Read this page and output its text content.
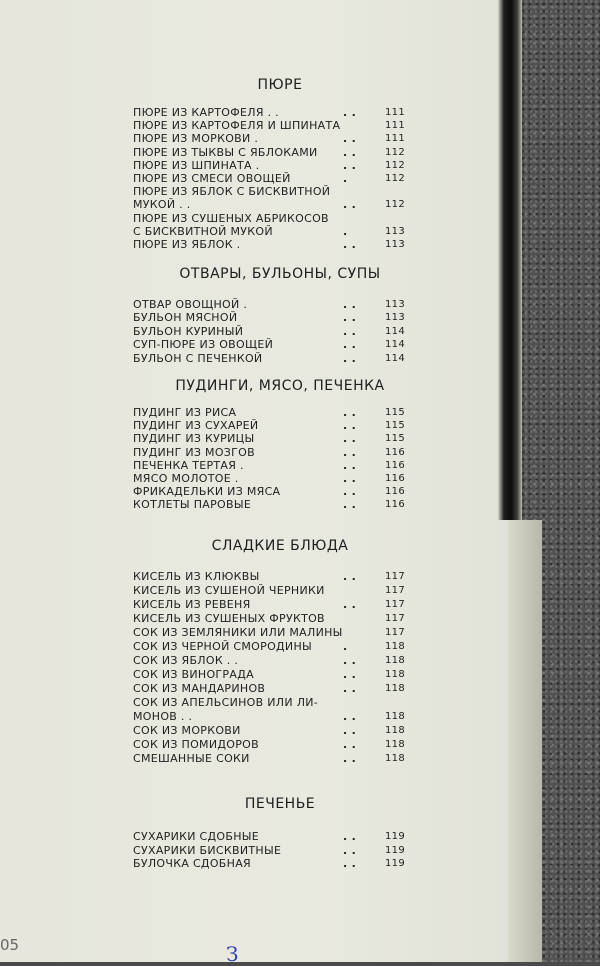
ПЮРЕ
ПЮРЕ ИЗ КАРТОФЕЛЯ . .	. .	111
ПЮРЕ ИЗ КАРТОФЕЛЯ И ШПИНАТА	111
ПЮРЕ ИЗ МОРКОВИ .	. .	111
ПЮРЕ ИЗ ТЫКВЫ С ЯБЛОКАМИ . .	112
ПЮРЕ ИЗ ШПИНАТА .	. .	112
ПЮРЕ ИЗ СМЕСИ ОВОЩЕЙ	.	112
ПЮРЕ ИЗ ЯБЛОК С БИСКВИТНОЙ
МУКОЙ . .	. .	112
ПЮРЕ ИЗ СУШЕНЫХ АБРИКОСОВ
С БИСКВИТНОЙ МУКОЙ	.	113
ПЮРЕ ИЗ ЯБЛОК .	. .	113
ОТВАРЫ, БУЛЬОНЫ, СУПЫ
ОТВАР ОВОЩНОЙ .	. .	113
БУЛЬОН МЯСНОЙ	. .	113
БУЛЬОН КУРИНЫЙ	. .	114
СУП-ПЮРЕ ИЗ ОВОЩЕЙ	. .	114
БУЛЬОН С ПЕЧЕНКОЙ	. .	114
ПУДИНГИ, МЯСО, ПЕЧЕНКА
ПУДИНГ ИЗ РИСА	. .	115
ПУДИНГ ИЗ СУХАРЕЙ	. .	115
ПУДИНГ ИЗ КУРИЦЫ	. .	115
ПУДИНГ ИЗ МОЗГОВ	. .	116
ПЕЧЕНКА ТЕРТАЯ .	. .	116
МЯСО МОЛОТОЕ .	. .	116
ФРИКАДЕЛЬКИ ИЗ МЯСА	. .	116
КОТЛЕТЫ ПАРОВЫЕ	. .	116
СЛАДКИЕ БЛЮДА
КИСЕЛЬ ИЗ КЛЮКВЫ	. .	117
КИСЕЛЬ ИЗ СУШЕНОЙ ЧЕРНИКИ	117
КИСЕЛЬ ИЗ РЕВЕНЯ	. .	117
КИСЕЛЬ ИЗ СУШЕНЫХ ФРУКТОВ	117
СОК ИЗ ЗЕМЛЯНИКИ ИЛИ МАЛИНЫ	117
СОК ИЗ ЧЕРНОЙ СМОРОДИНЫ	.	118
СОК ИЗ ЯБЛОК . .	. .	118
СОК ИЗ ВИНОГРАДА	. .	118
СОК ИЗ МАНДАРИНОВ	. .	118
СОК ИЗ АПЕЛЬСИНОВ ИЛИ ЛИ-
МОНОВ . .	. .	118
СОК ИЗ МОРКОВИ	. .	118
СОК ИЗ ПОМИДОРОВ	. .	118
СМЕШАННЫЕ СОКИ	. .	118
ПЕЧЕНЬЕ
СУХАРИКИ СДОБНЫЕ	. .	119
СУХАРИКИ БИСКВИТНЫЕ	. .	119
БУЛОЧКА СДОБНАЯ	. .	119
05	З
